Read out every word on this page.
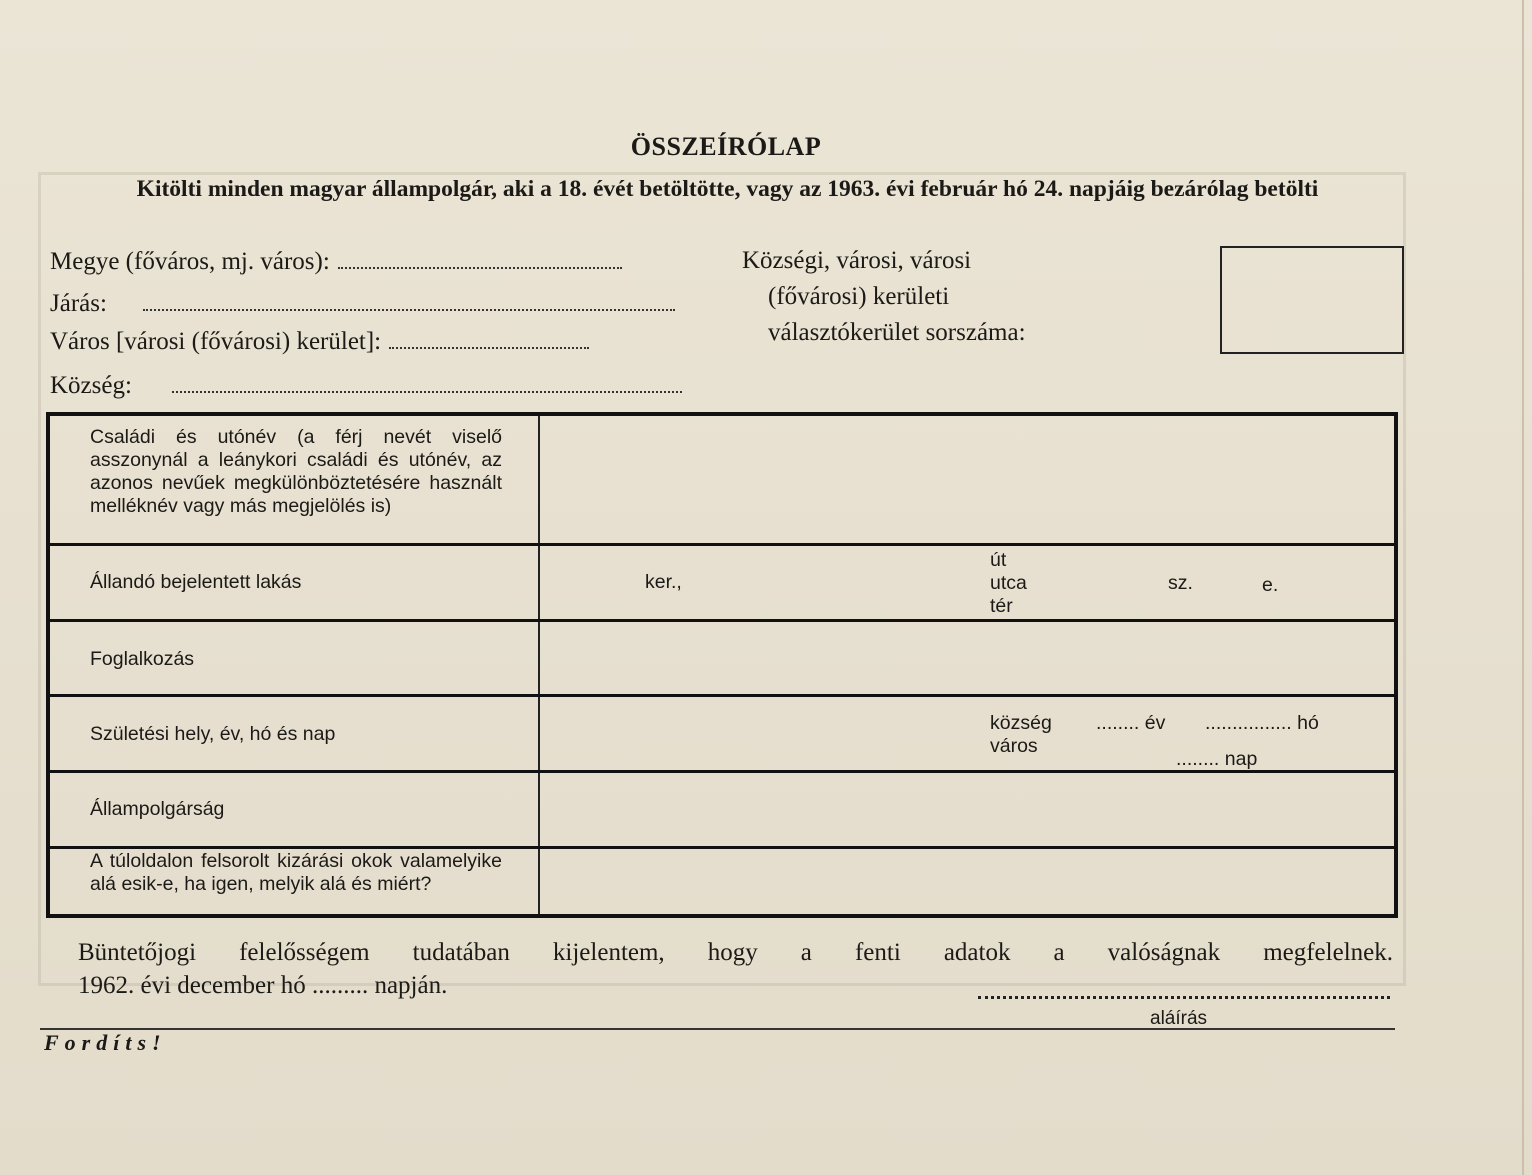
ÖSSZEÍRÓLAP
Kitölti minden magyar állampolgár, aki a 18. évét betöltötte, vagy az 1963. évi február hó 24. napjáig bezárólag betölti
Megye (főváros, mj. város):
Járás:
Város [városi (fővárosi) kerület]:
Község:
Községi, városi, városi
(fővárosi) kerületi
választókerület sorszáma:
Családi és utónév (a férj nevét viselő asszonynál a leánykori családi és utónév, az azonos nevűek megkülönböztetésére használt melléknév vagy más megjelölés is)
Állandó bejelentett lakás	ker.,
út
utca
tér
sz.	e.
Foglalkozás
Születési hely, év, hó és nap	község
város
........ év ................ hó
........ nap
Állampolgárság
A túloldalon felsorolt kizárási okok valamelyike alá esik-e, ha igen, melyik alá és miért?
Büntetőjogi felelősségem tudatában kijelentem, hogy a fenti adatok a valóságnak megfelelnek.
1962. évi december hó ......... napján.
aláírás
Fordíts!
